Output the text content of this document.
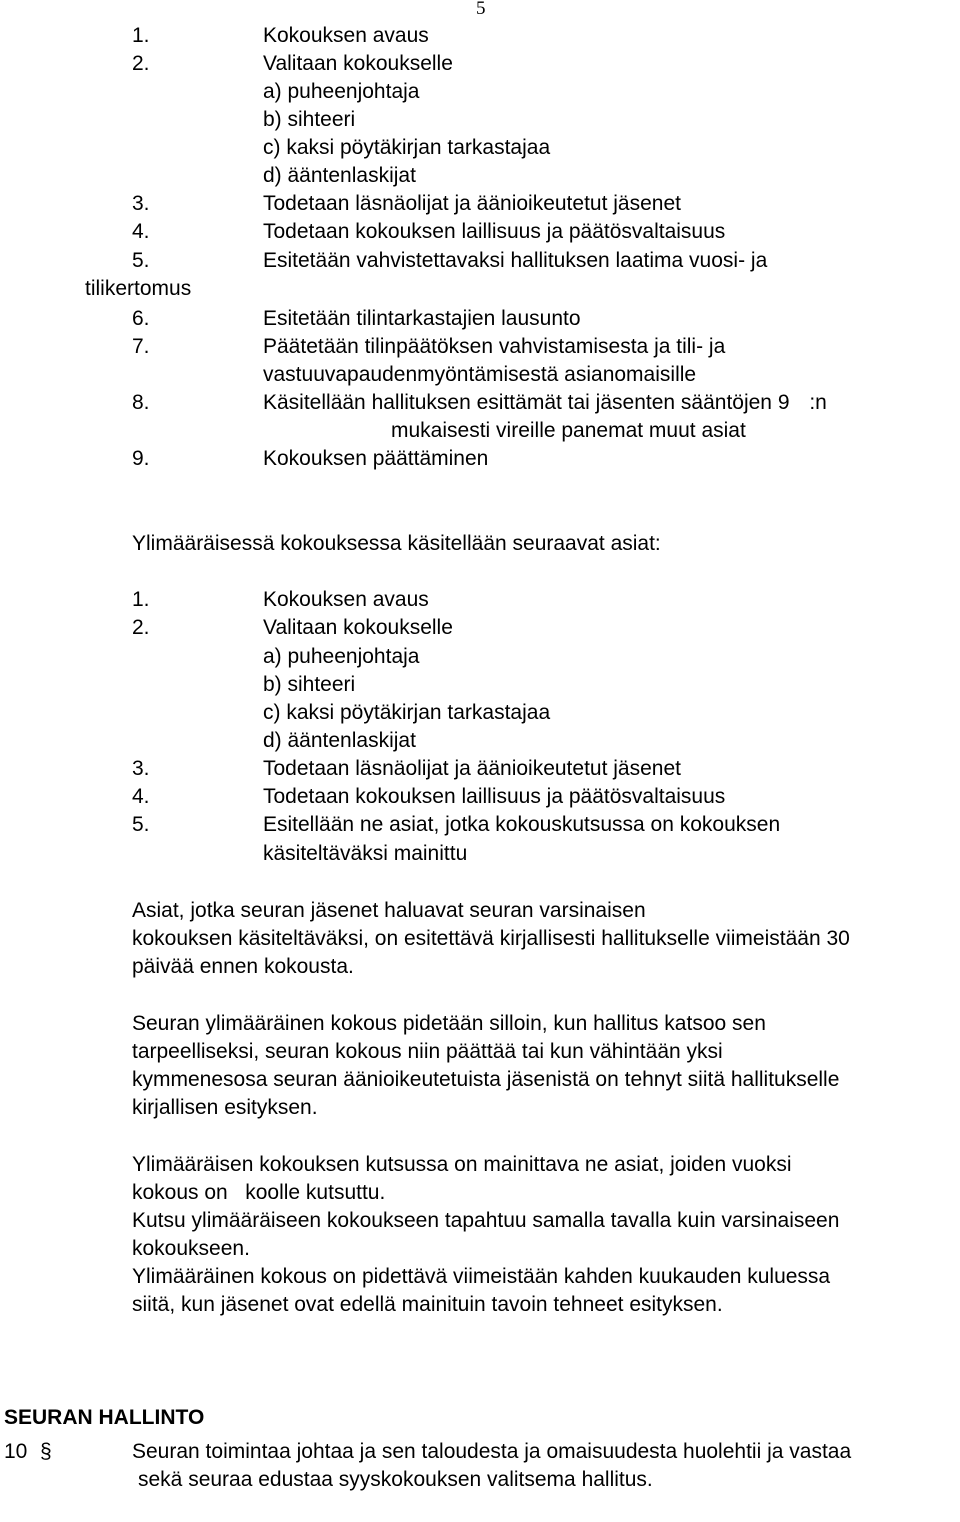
5
1.	Kokouksen avaus
2.	Valitaan kokoukselle
a) puheenjohtaja
b) sihteeri
c) kaksi pöytäkirjan tarkastajaa
d) ääntenlaskijat
3.	Todetaan läsnäolijat ja äänioikeutetut jäsenet
4.	Todetaan kokouksen laillisuus ja päätösvaltaisuus
5.	Esitetään vahvistettavaksi hallituksen laatima vuosi- ja
tilikertomus
6.	Esitetään tilintarkastajien lausunto
7.	Päätetään tilinpäätöksen vahvistamisesta ja tili- ja
vastuuvapaudenmyöntämisestä asianomaisille
8.	Käsitellään hallituksen esittämät tai jäsenten sääntöjen 9 :n
mukaisesti vireille panemat muut asiat
9.	Kokouksen päättäminen
Ylimääräisessä kokouksessa käsitellään seuraavat asiat:
1.	Kokouksen avaus
2.	Valitaan kokoukselle
a) puheenjohtaja
b) sihteeri
c) kaksi pöytäkirjan tarkastajaa
d) ääntenlaskijat
3.	Todetaan läsnäolijat ja äänioikeutetut jäsenet
4.	Todetaan kokouksen laillisuus ja päätösvaltaisuus
5.	Esitellään ne asiat, jotka kokouskutsussa on kokouksen
käsiteltäväksi mainittu
Asiat, jotka seuran jäsenet haluavat seuran varsinaisen
kokouksen käsiteltäväksi, on esitettävä kirjallisesti hallitukselle viimeistään 30
päivää ennen kokousta.
Seuran ylimääräinen kokous pidetään silloin, kun hallitus katsoo sen
tarpeelliseksi, seuran kokous niin päättää tai kun vähintään yksi
kymmenesosa seuran äänioikeutetuista jäsenistä on tehnyt siitä hallitukselle
kirjallisen esityksen.
Ylimääräisen kokouksen kutsussa on mainittava ne asiat, joiden vuoksi
kokous on   koolle kutsuttu.
Kutsu ylimääräiseen kokoukseen tapahtuu samalla tavalla kuin varsinaiseen
kokoukseen.
Ylimääräinen kokous on pidettävä viimeistään kahden kuukauden kuluessa
siitä, kun jäsenet ovat edellä mainituin tavoin tehneet esityksen.
SEURAN HALLINTO
10 §	Seuran toimintaa johtaa ja sen taloudesta ja omaisuudesta huolehtii ja vastaa
sekä seuraa edustaa syyskokouksen valitsema hallitus.
